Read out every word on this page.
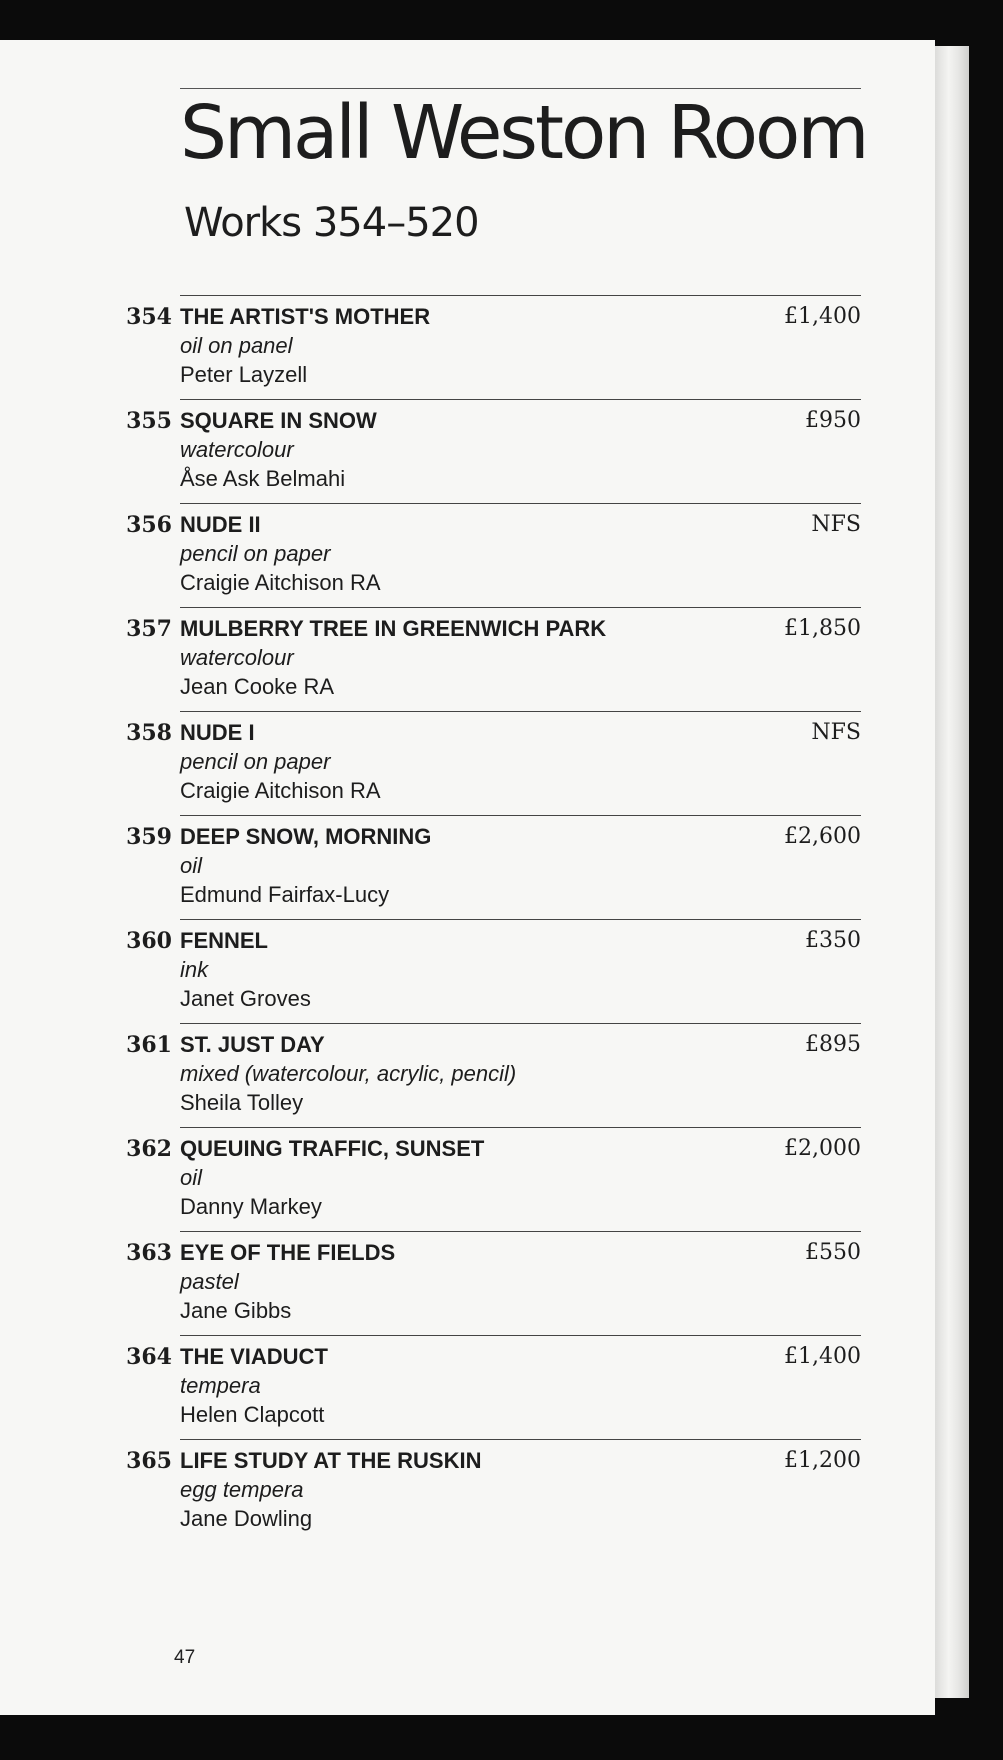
Small Weston Room
Works 354–520
354 THE ARTIST'S MOTHER
oil on panel
Peter Layzell
£1,400
355 SQUARE IN SNOW
watercolour
Åse Ask Belmahi
£950
356 NUDE II
pencil on paper
Craigie Aitchison RA
NFS
357 MULBERRY TREE IN GREENWICH PARK
watercolour
Jean Cooke RA
£1,850
358 NUDE I
pencil on paper
Craigie Aitchison RA
NFS
359 DEEP SNOW, MORNING
oil
Edmund Fairfax-Lucy
£2,600
360 FENNEL
ink
Janet Groves
£350
361 ST. JUST DAY
mixed (watercolour, acrylic, pencil)
Sheila Tolley
£895
362 QUEUING TRAFFIC, SUNSET
oil
Danny Markey
£2,000
363 EYE OF THE FIELDS
pastel
Jane Gibbs
£550
364 THE VIADUCT
tempera
Helen Clapcott
£1,400
365 LIFE STUDY AT THE RUSKIN
egg tempera
Jane Dowling
£1,200
47
